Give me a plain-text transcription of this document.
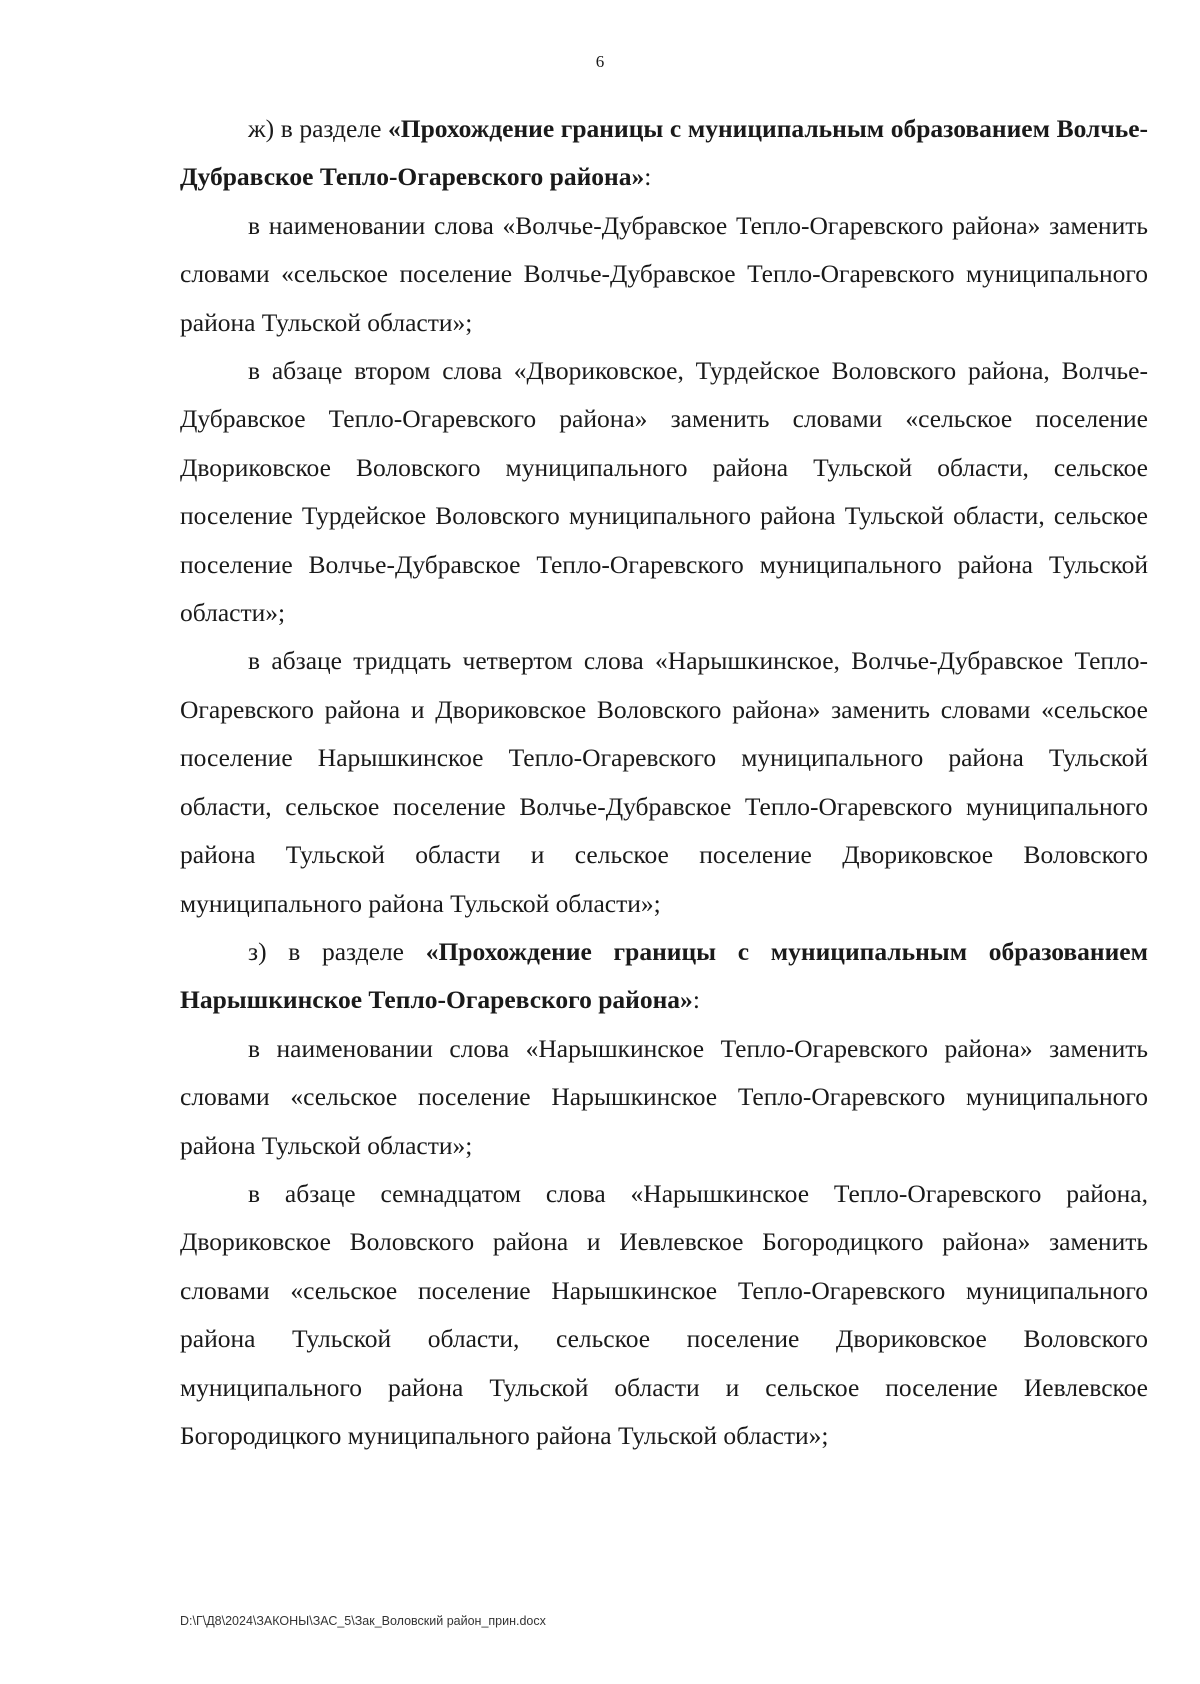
6

ж) в разделе «Прохождение границы с муниципальным образованием Волчье-Дубравское Тепло-Огаревского района»:

в наименовании слова «Волчье-Дубравское Тепло-Огаревского района» заменить словами «сельское поселение Волчье-Дубравское Тепло-Огаревского муниципального района Тульской области»;

в абзаце втором слова «Двориковское, Турдейское Воловского района, Волчье-Дубравское Тепло-Огаревского района» заменить словами «сельское поселение Двориковское Воловского муниципального района Тульской области, сельское поселение Турдейское Воловского муниципального района Тульской области, сельское поселение Волчье-Дубравское Тепло-Огаревского муниципального района Тульской области»;

в абзаце тридцать четвертом слова «Нарышкинское, Волчье-Дубравское Тепло-Огаревского района и Двориковское Воловского района» заменить словами «сельское поселение Нарышкинское Тепло-Огаревского муниципального района Тульской области, сельское поселение Волчье-Дубравское Тепло-Огаревского муниципального района Тульской области и сельское поселение Двориковское Воловского муниципального района Тульской области»;

з) в разделе «Прохождение границы с муниципальным образованием Нарышкинское Тепло-Огаревского района»:

в наименовании слова «Нарышкинское Тепло-Огаревского района» заменить словами «сельское поселение Нарышкинское Тепло-Огаревского муниципального района Тульской области»;

в абзаце семнадцатом слова «Нарышкинское Тепло-Огаревского района, Двориковское Воловского района и Иевлевское Богородицкого района» заменить словами «сельское поселение Нарышкинское Тепло-Огаревского муниципального района Тульской области, сельское поселение Двориковское Воловского муниципального района Тульской области и сельское поселение Иевлевское Богородицкого муниципального района Тульской области»;

D:\Г\Д8\2024\ЗАКОНЫ\ЗАС_5\Зак_Воловский район_прин.docx
